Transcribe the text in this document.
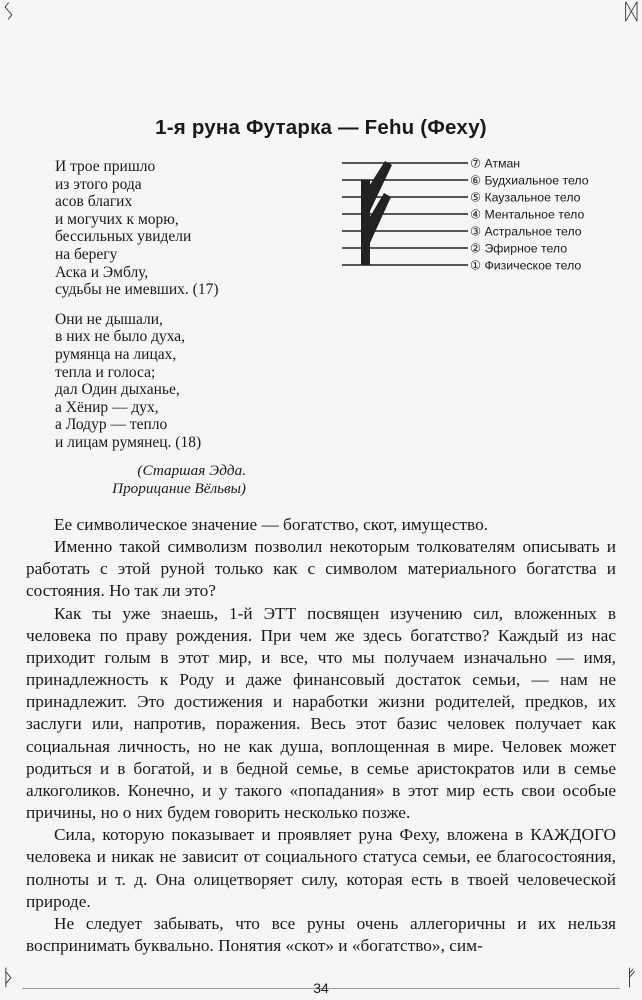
ᛊ	ᛞ
ᚦ	ᚠ
1-я руна Футарка — Fehu (Феху)
И трое пришло
из этого рода
асов благих
и могучих к морю,
бессильных увидели
на берегу
Аска и Эмблу,
судьбы не имевших. (17)
Они не дышали,
в них не было духа,
румянца на лицах,
тепла и голоса;
дал Один дыханье,
а Хёнир — дух,
а Лодур — тепло
и лицам румянец. (18)
(Старшая Эдда.
Прорицание Вёльвы)
⑦ Атман
⑥ Будхиальное тело
⑤ Каузальное тело
④ Ментальное тело
③ Астральное тело
② Эфирное тело
① Физическое тело

Ее символическое значение — богатство, скот, имущество.

Именно такой символизм позволил некоторым толкователям описывать и работать с этой руной только как с символом материального богатства и состояния. Но так ли это?

Как ты уже знаешь, 1-й ЭТТ посвящен изучению сил, вложенных в человека по праву рождения. При чем же здесь богатство? Каждый из нас приходит голым в этот мир, и все, что мы получаем изначально — имя, принадлежность к Роду и даже финансовый достаток семьи, — нам не принадлежит. Это достижения и наработки жизни родителей, предков, их заслуги или, напротив, поражения. Весь этот базис человек получает как социальная личность, но не как душа, воплощенная в мире. Человек может родиться и в богатой, и в бедной семье, в семье аристократов или в семье алкоголиков. Конечно, и у такого «попадания» в этот мир есть свои особые причины, но о них будем говорить несколько позже.

Сила, которую показывает и проявляет руна Феху, вложена в КАЖДОГО человека и никак не зависит от социального статуса семьи, ее благосостояния, полноты и т. д. Она олицетворяет силу, которая есть в твоей человеческой природе.

Не следует забывать, что все руны очень аллегоричны и их нельзя воспринимать буквально. Понятия «скот» и «богатство», сим-

34
